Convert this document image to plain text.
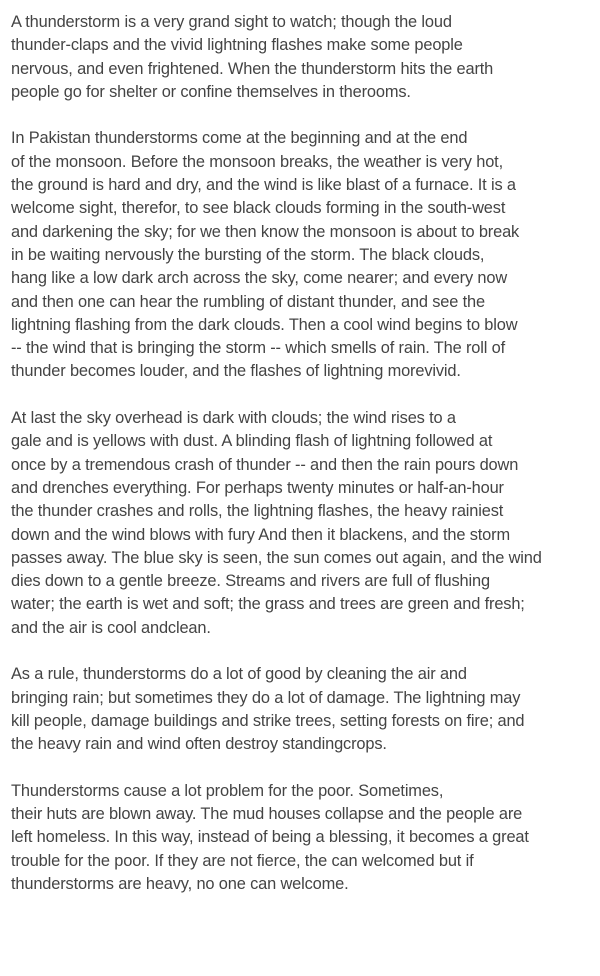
A thunderstorm is a very grand sight to watch; though the loud
thunder-claps and the vivid lightning flashes make some people
nervous, and even frightened. When the thunderstorm hits the earth
people go for shelter or confine themselves in therooms.
In Pakistan thunderstorms come at the beginning and at the end
of the monsoon. Before the monsoon breaks, the weather is very hot,
the ground is hard and dry, and the wind is like blast of a furnace. It is a
welcome sight, therefor, to see black clouds forming in the south-west
and darkening the sky; for we then know the monsoon is about to break
in be waiting nervously the bursting of the storm. The black clouds,
hang like a low dark arch across the sky, come nearer; and every now
and then one can hear the rumbling of distant thunder, and see the
lightning flashing from the dark clouds. Then a cool wind begins to blow
-- the wind that is bringing the storm -- which smells of rain. The roll of
thunder becomes louder, and the flashes of lightning morevivid.
At last the sky overhead is dark with clouds; the wind rises to a
gale and is yellows with dust. A blinding flash of lightning followed at
once by a tremendous crash of thunder -- and then the rain pours down
and drenches everything. For perhaps twenty minutes or half-an-hour
the thunder crashes and rolls, the lightning flashes, the heavy rainiest
down and the wind blows with fury And then it blackens, and the storm
passes away. The blue sky is seen, the sun comes out again, and the wind
dies down to a gentle breeze. Streams and rivers are full of flushing
water; the earth is wet and soft; the grass and trees are green and fresh;
and the air is cool andclean.
As a rule, thunderstorms do a lot of good by cleaning the air and
bringing rain; but sometimes they do a lot of damage. The lightning may
kill people, damage buildings and strike trees, setting forests on fire; and
the heavy rain and wind often destroy standingcrops.
Thunderstorms cause a lot problem for the poor. Sometimes,
their huts are blown away. The mud houses collapse and the people are
left homeless. In this way, instead of being a blessing, it becomes a great
trouble for the poor. If they are not fierce, the can welcomed but if
thunderstorms are heavy, no one can welcome.
